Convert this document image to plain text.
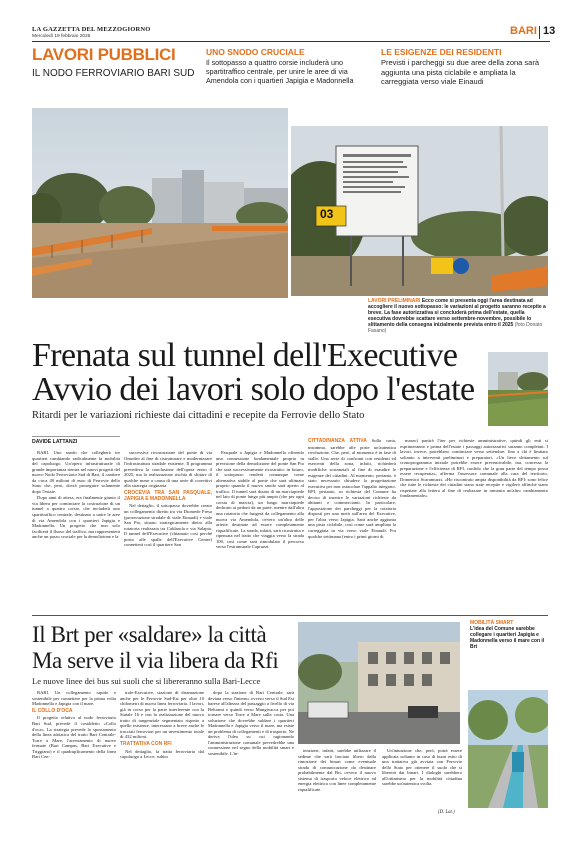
LA GAZZETTA DEL MEZZOGIORNO
Mercoledì 19 febbraio 2025	BARI 13
LAVORI PUBBLICI
IL NODO FERROVIARIO BARI SUD
UNO SNODO CRUCIALE
Il sottopasso a quattro corsie includerà uno spartitraffico centrale, per unire le aree di via Amendola con i quartieri Japigia e Madonnella
LE ESIGENZE DEI RESIDENTI
Previsti i parcheggi su due aree della zona sarà aggiunta una pista ciclabile e ampliata la carreggiata verso viale Einaudi
03
LAVORI PRELIMINARI Ecco come si presenta oggi l'area destinata ad accogliere il nuovo sottopasso: le variazioni al progetto saranno recepite a breve. La fase autorizzativa si concluderà prima dell'estate, quella esecutiva dovrebbe scattare verso settembre-novembre, possibile lo slittamento della consegna inizialmente prevista entro il 2025 (foto Donato Fasano)
Frenata sul tunnel dell'Executive
Avvio dei lavori solo dopo l'estate
Ritardi per le variazioni richieste dai cittadini e recepite da Ferrovie dello Stato
DAVIDE LATTANZI

BARI. Uno snodo che collegherà tre quartieri cambiando radicalmente la mobilità del capoluogo. Un'opera infrastrutturale di grande importanza rientra nel nuovi progetti del nuovo Nodo Ferroviario Sud di Bari, il cantiere da circa 49 milioni di euro di Ferrovie dello Stato che, però, dovrà proseguire solamente dopo l'estate.

Dopo anni di attesa, era finalmente giunto il via libera per cominciare la costruzione di un tunnel a quattro corsie, che includerà uno spartitraffico centrale, destinato a unire le aree di via Amendola con i quartieri Japigia e Madonnella. Un progetto che non solo faciliterà il flusso del traffico, ma rappresenterà anche un passo cruciale per la demolizione e la

successiva ricostruzione del ponte di via Omodeo al fine di ristrutturare e modernizzare l'infrastruttura stradale esistente. Il programma prevedeva la conclusione dell'opera entro il 2025, ma la realizzazione rischia di slittare di qualche mese a causa di una serie di correttivi alla strategia originaria.

CROCEVIA TRA SAN PASQUALE, JAPIGIA E MADONNELLA

Nel dettaglio, il sottopasso dovrebbe creare un collegamento diretto tra via Diomede Fresa (prosecuzione stradale di viale Einaudi) e viale San Pio, situato strategicamente dietro alla rotatoria realizzata tra Caldarola e via Salapia. Il tunnel dell'Executive (chiamato così perché posto alle spalle dell'Executive Center) connetterà così il quartiere San

Pasquale a Japigia e Madonnella offrendo una connessione fondamentale proprio in previsione della demolizione del ponte San Pio che sarà successivamente ricostruito: in futuro, il sottopasso renderà comunque come alternativa stabile al ponte che sarà ultimato proprio quando il nuovo snodo sarà aperto al traffico. Il tunnel sarà dotato di un marciapiede nel lato di ponte lungo più ampio (che per ogni corsia di marcia), un lungo marciapiede dedicato ai pedoni da un parte, mentre dall'altra una rotatoria che fungerà da collegamento alla nuova via Amendola, ovvero un'altra delle arterie destinate ad essere completamente riqualificate. La strada, infatti, sarà ricostruita e ripensata nel tratto che viaggia verso la strada 100, così come sarà rimodulato il percorso verso l'estramurale Capruzzi.

CITTADINANZA ATTIVA Sulla carta, insomma, sarebbe alle porte un'autentica rivoluzione. Che, però, al momento è in fase di stallo. Una serie di confronti con residenti ed esercenti della zona, infatti, richiederà modifiche sostanziali al fine di esaudire le esigenze dei cittadini. Al momento, pertanto, è stato necessario chiudere la progettazione esecutiva per non ostacolare l'appalto integrato. RFI, pertanto, su richiesta del Comune ha deciso di inserire le variazioni richieste da abitanti e commercianti. In particolare, l'apposizione dei parcheggi per la rotatoria disposti per una metà sull'area del Executive, per l'altra verso Japigia. Sarà anche aggiunta una pista ciclabile, così come sarà ampliata la carreggiata in via verso viale Einaudi. Fra qualche settimana (entro i primi giorni di

marzo) partirà l'iter per richieste amministrative, quindi gli enti si esprimeranno e prima dell'estate i passaggi autorizzativi saranno completati. I lavori, invece, potrebbero cominciare verso settembre, fino a chi è limitato soltanto a interventi preliminari e preparatori. «Un lieve slittamento sul cronoprogramma iniziale potrebbe essere preventivabile, ma, concessa la preparazione e l'efficienza di RFI, confido che la gran parte del tempo possa essere recuperata», afferma l'assessore comunale alla cura del territorio, Domenico Scaramuzzi. «Ho riscontrato ampia disponibilità da RFI: sono felice che tutte le richieste dei cittadini siano state recepite e vigilerò affinché siano rispettate alla lettera al fine di realizzare in armonia un'altro cambiamento fondamentale».

Il Brt per «saldare» la città
Ma serve il via libera da Rfi
Le nuove linee dei bus sui suoli che si libereranno sulla Bari-Lecce
MOBILITÀ SMART
L'idea del Comune sarebbe collegare i quartieri Japigia e Madonnella verso il mare con il Brt

BARI. Un collegamento rapido e sostenibile per connettere per la prima volta Madonnella e Japigia con il mare.

IL COLLO D'OCA

Il progetto relativo al nodo ferroviario Bari Sud, prevede il cosiddetto «Collo d'oca». La strategia prevede lo spostamento della linea adriatica del tratto Bari Centrale-Torre a Mare, l'arretramento di nuove fermate (Bari Campus, Bari Executive e Triggiano) e il quadruplicamento della linea Bari Cen-

trale-Executive, stazione di diramazione anche per le Ferrovie Sud-Est per oltre 10 chilometri di nuova linea ferroviaria. I lavori, già in corso per la parte interferente con la Statale 16 e con la realizzazione del nuovo tratto di tangenziale segmentato rispetto a quello esistente, interessano a breve anche le tracciati ferroviari per un investimento totale di 432 milioni.

TRATTATIVA CON RFI

Nel dettaglio, la tratta ferroviaria dal capoluogo a Lecce, subito

dopo la stazione di Bari Centrale, sarà deviata verso l'interno, ovvero verso il Sud Est barese all'altezza del passaggio a livello di via Beltrami e quindi verso Mungivacca per poi tornare verso Torre a Mare sulla costa. Una soluzione che dovrebbe saldare i quartieri Madonnella e Japigia verso il mare, ma esiste un problema di collegamenti e di trasporto. Ne deriva l'idea su cui ragionando l'amministrazione comunale prevedrebbe una connessione nel segno della mobilità smart e sostenibile. L'in-

tenzione, infatti, sarebbe utilizzare il sedime che sarà lasciato libero dalla rimozione dei binari come eventuale strada di comunicazione da destinare probabilmente dal Brt, ovvero il nuovo sistema di trasporto veloce elettrico ad energia elettrica con linee completamente riqualificate.

Un'intuizione che, però, potrà essere applicata soltanto in caso di buon esito di una trattativa già avviata con Ferrovie dello Stato per ottenere il suolo che si libererà dai binari. I dialoghi sarebbero all'ottimismo per la mobilità cittadina sarebbe un'autentica svolta.

(D. Lat.)
